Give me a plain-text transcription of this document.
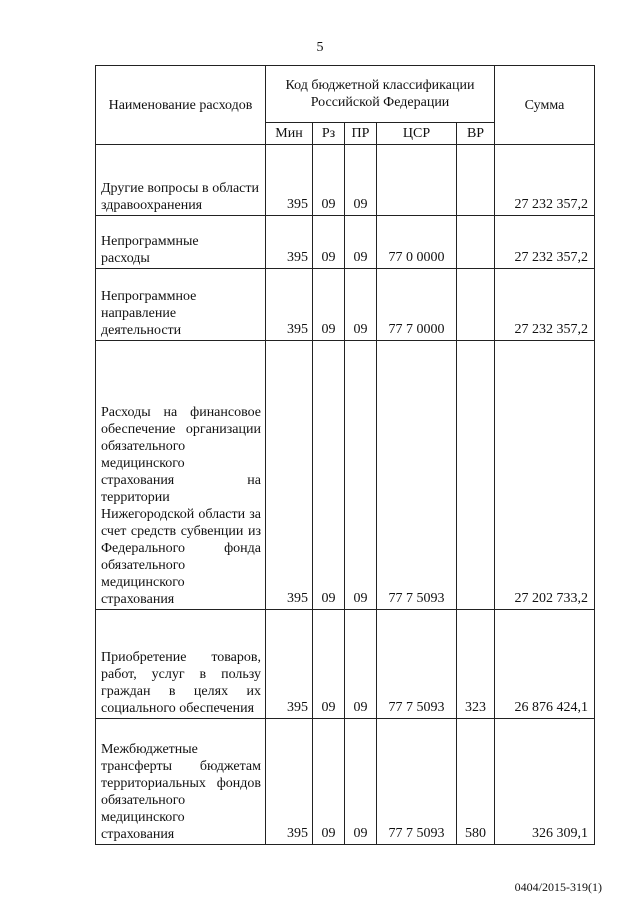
5
Наименование расходов	Код бюджетной классификации Российской Федерации					Сумма
	Мин	Рз	ПР	ЦСР	ВР	

Другие вопросы в области здравоохранения	395	09	09			27 232 357,2

Непрограммные расходы	395	09	09	77 0 0000		27 232 357,2

Непрограммное направление деятельности	395	09	09	77 7 0000		27 232 357,2

Расходы на финансовое обеспечение организации обязательного медицинского страхования на территории Нижегородской области за счет средств субвенции из Федерального фонда обязательного медицинского страхования	395	09	09	77 7 5093		27 202 733,2

Приобретение товаров, работ, услуг в пользу граждан в целях их социального обеспечения	395	09	09	77 7 5093	323	26 876 424,1

Межбюджетные трансферты бюджетам территориальных фондов обязательного медицинского страхования	395	09	09	77 7 5093	580	326 309,1
0404/2015-319(1)
